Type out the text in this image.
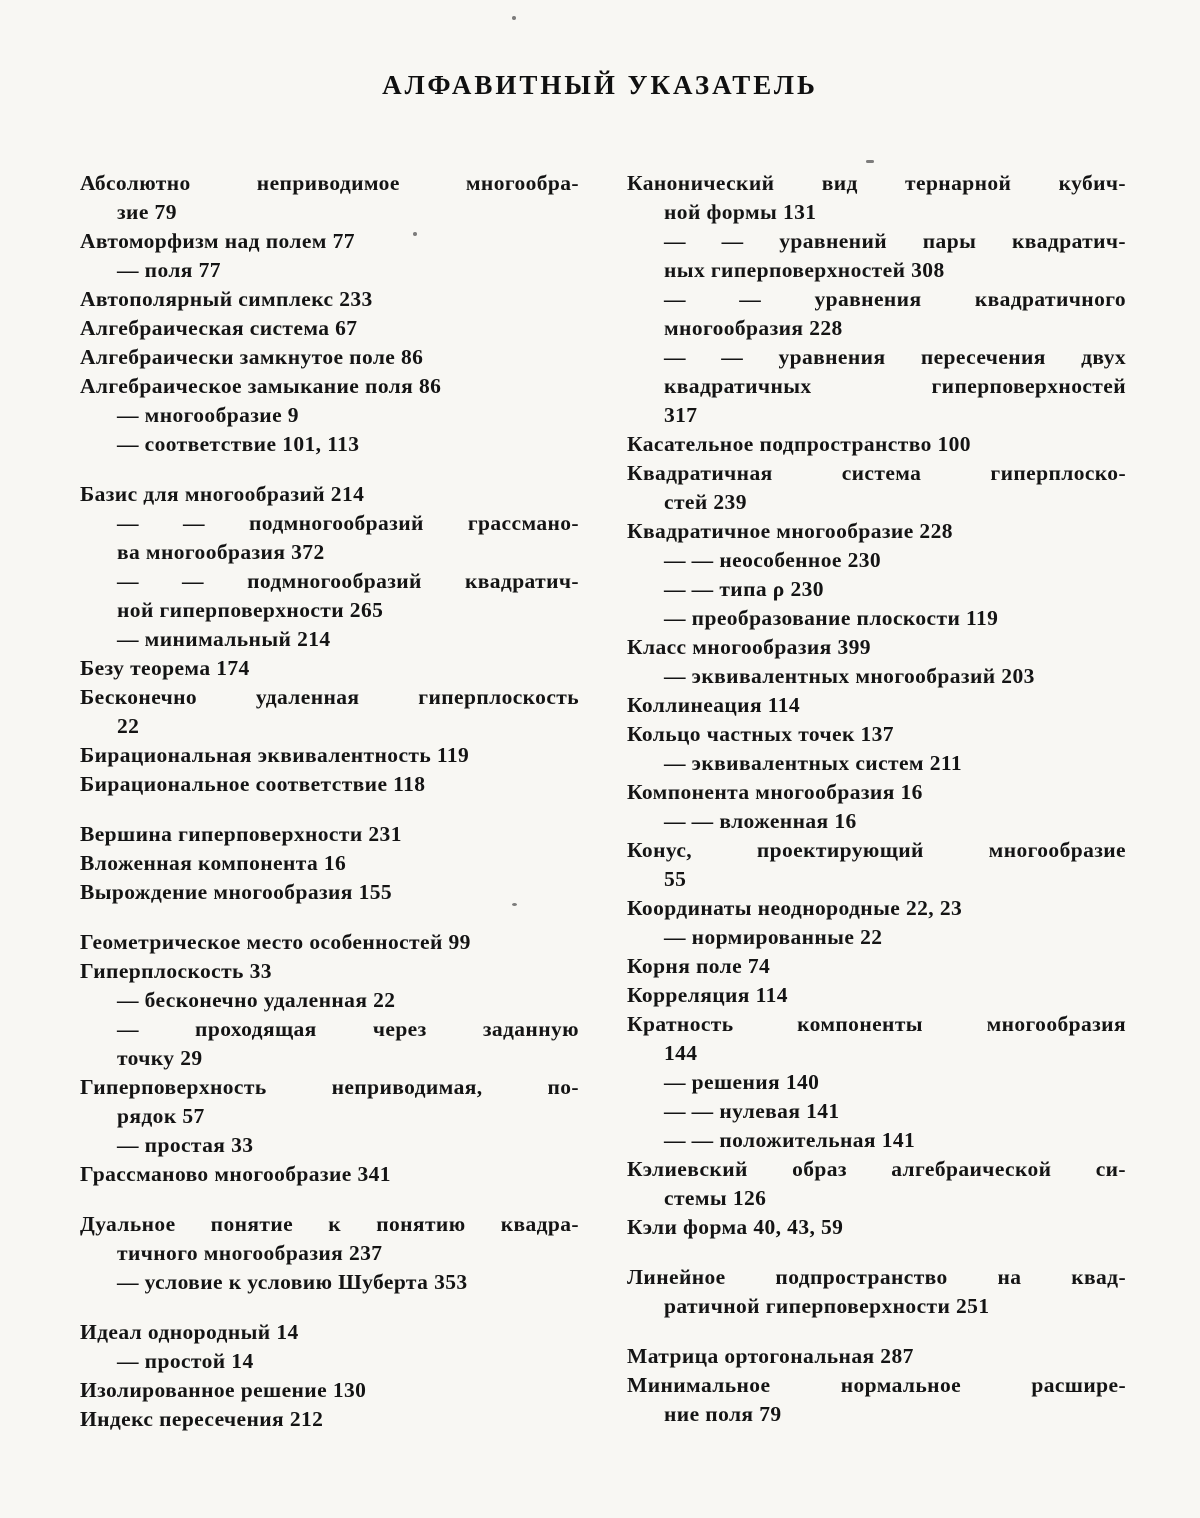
АЛФАВИТНЫЙ УКАЗАТЕЛЬ
Абсолютно неприводимое многообра-
зие 79
Автоморфизм над полем 77
— поля 77
Автополярный симплекс 233
Алгебраическая система 67
Алгебраически замкнутое поле 86
Алгебраическое замыкание поля 86
— многообразие 9
— соответствие 101, 113
Базис для многообразий 214
— — подмногообразий грассмано-
ва многообразия 372
— — подмногообразий квадратич-
ной гиперповерхности 265
— минимальный 214
Безу теорема 174
Бесконечно удаленная гиперплоскость
22
Бирациональная эквивалентность 119
Бирациональное соответствие 118
Вершина гиперповерхности 231
Вложенная компонента 16
Вырождение многообразия 155
Геометрическое место особенностей 99
Гиперплоскость 33
— бесконечно удаленная 22
— проходящая через заданную
точку 29
Гиперповерхность неприводимая, по-
рядок 57
— простая 33
Грассманово многообразие 341
Дуальное понятие к понятию квадра-
тичного многообразия 237
— условие к условию Шуберта 353
Идеал однородный 14
— простой 14
Изолированное решение 130
Индекс пересечения 212
Канонический вид тернарной кубич-
ной формы 131
— — уравнений пары квадратич-
ных гиперповерхностей 308
— — уравнения квадратичного
многообразия 228
— — уравнения пересечения двух
квадратичных гиперповерхностей
317
Касательное подпространство 100
Квадратичная система гиперплоско-
стей 239
Квадратичное многообразие 228
— — неособенное 230
— — типа ρ 230
— преобразование плоскости 119
Класс многообразия 399
— эквивалентных многообразий 203
Коллинеация 114
Кольцо частных точек 137
— эквивалентных систем 211
Компонента многообразия 16
— — вложенная 16
Конус, проектирующий многообразие
55
Координаты неоднородные 22, 23
— нормированные 22
Корня поле 74
Корреляция 114
Кратность компоненты многообразия
144
— решения 140
— — нулевая 141
— — положительная 141
Кэлиевский образ алгебраической си-
стемы 126
Кэли форма 40, 43, 59
Линейное подпространство на квад-
ратичной гиперповерхности 251
Матрица ортогональная 287
Минимальное нормальное расшире-
ние поля 79
